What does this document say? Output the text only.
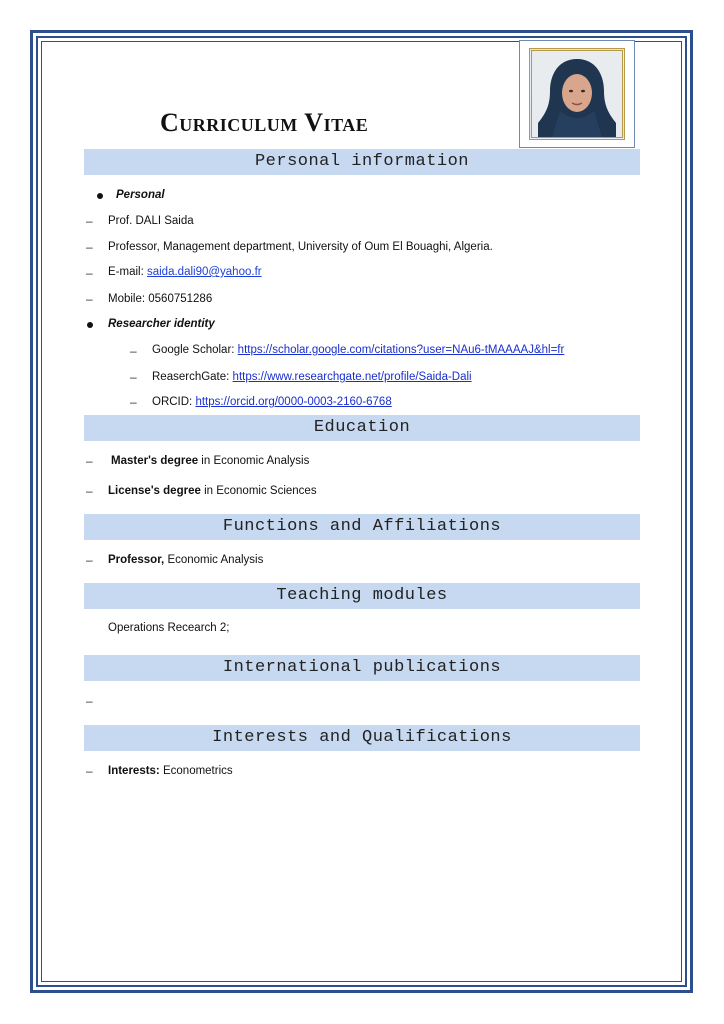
Curriculum Vitae
Personal information
Personal
– Prof. DALI Saida
– Professor, Management department, University of Oum El Bouaghi, Algeria.
– E-mail: saida.dali90@yahoo.fr
– Mobile: 0560751286
Researcher identity
– Google Scholar: https://scholar.google.com/citations?user=NAu6-tMAAAAJ&hl=fr
– ReaserchGate: https://www.researchgate.net/profile/Saida-Dali
– ORCID: https://orcid.org/0000-0003-2160-6768
Education
– Master's degree in Economic Analysis
– License's degree in Economic Sciences
Functions and Affiliations
– Professor, Economic Analysis
Teaching modules
Operations Recearch 2;
International publications
–
Interests and Qualifications
– Interests: Econometrics
